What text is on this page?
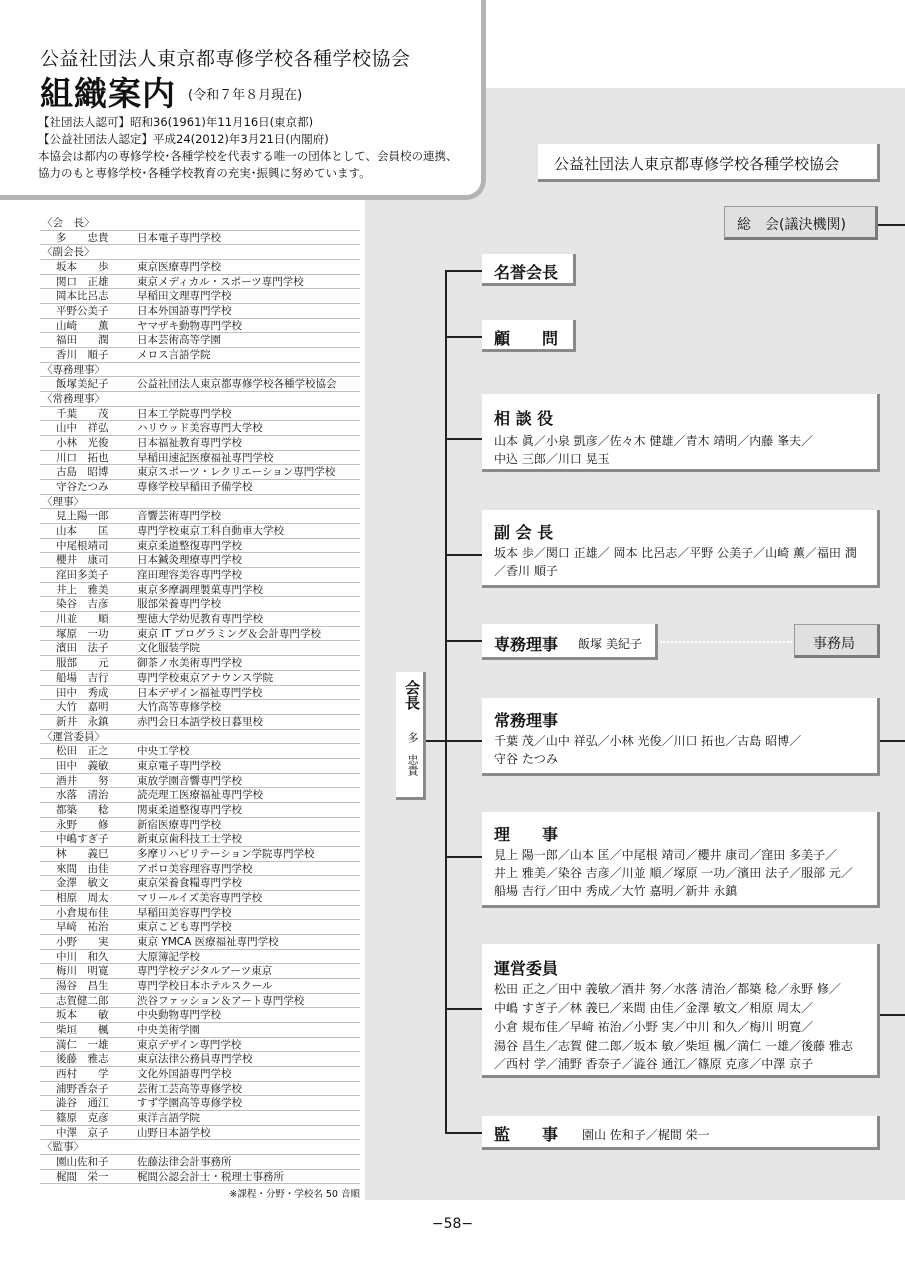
公益社団法人東京都専修学校各種学校協会
組織案内 (令和７年８月現在)
【社団法人認可】昭和36(1961)年11月16日(東京都)
【公益社団法人認定】平成24(2012)年3月21日(内閣府)
本協会は都内の専修学校･各種学校を代表する唯一の団体として、会員校の連携、
協力のもと専修学校･各種学校教育の充実･振興に努めています。
〈会　長〉
多　　忠貴	日本電子専門学校
〈副会長〉
坂本　　歩	東京医療専門学校
関口　正雄	東京メディカル・スポーツ専門学校
岡本比呂志	早稲田文理専門学校
平野公美子	日本外国語専門学校
山崎　　薫	ヤマザキ動物専門学校
福田　　潤	日本芸術高等学園
香川　順子	メロス言語学院
〈専務理事〉
飯塚美紀子	公益社団法人東京都専修学校各種学校協会
〈常務理事〉
千葉　　茂	日本工学院専門学校
山中　祥弘	ハリウッド美容専門大学校
小林　光俊	日本福祉教育専門学校
川口　拓也	早稲田速記医療福祉専門学校
古島　昭博	東京スポーツ・レクリエーション専門学校
守谷たつみ	専修学校早稲田予備学校
〈理事〉
見上陽一郎	音響芸術専門学校
山本　　匡	専門学校東京工科自動車大学校
中尾根靖司	東京柔道整復専門学校
櫻井　康司	日本鍼灸理療専門学校
窪田多美子	窪田理容美容専門学校
井上　雅美	東京多摩調理製菓専門学校
染谷　吉彦	服部栄養専門学校
川並　　順	聖徳大学幼児教育専門学校
塚原　一功	東京 IT プログラミング＆会計専門学校
濱田　法子	文化服装学院
服部　　元	御茶ノ水美術専門学校
船場　吉行	専門学校東京アナウンス学院
田中　秀成	日本デザイン福祉専門学校
大竹　嘉明	大竹高等専修学校
新井　永鎮	赤門会日本語学校日暮里校
〈運営委員〉
松田　正之	中央工学校
田中　義敏	東京電子専門学校
酒井　　努	東放学園音響専門学校
水落　清治	読売理工医療福祉専門学校
都築　　稔	関東柔道整復専門学校
永野　　修	新宿医療専門学校
中嶋すぎ子	新東京歯科技工士学校
林　　義巳	多摩リハビリテーション学院専門学校
來間　由佳	アポロ美容理容専門学校
金澤　敏文	東京栄養食糧専門学校
相原　周太	マリールイズ美容専門学校
小倉規布佳	早稲田美容専門学校
早﨑　祐治	東京こども専門学校
小野　　実	東京 YMCA 医療福祉専門学校
中川　和久	大原簿記学校
梅川　明寛	専門学校デジタルアーツ東京
湯谷　昌生	専門学校日本ホテルスクール
志賀健二郎	渋谷ファッション＆アート専門学校
坂本　　敏	中央動物専門学校
柴垣　　楓	中央美術学園
満仁　一雄	東京デザイン専門学校
後藤　雅志	東京法律公務員専門学校
西村　　学	文化外国語専門学校
浦野香奈子	芸術工芸高等専修学校
澁谷　通江	すず学園高等専修学校
篠原　克彦	東洋言語学院
中澤　京子	山野日本語学校
〈監事〉
園山佐和子	佐藤法律会計事務所
梶間　栄一	梶間公認会計士・税理士事務所
※課程・分野・学校名 50 音順
公益社団法人東京都専修学校各種学校協会
総　会(議決機関)
名誉会長
顧　　問
相 談 役
山本 眞／小泉 凱彦／佐々木 健雄／青木 靖明／内藤 峯夫／
中込 三郎／川口 晃玉
副 会 長
坂本 歩／関口 正雄／ 岡本 比呂志／平野 公美子／山崎 薫／福田 潤
／香川 順子
専務理事 飯塚 美紀子	事務局
会長
多　忠貴
常務理事
千葉 茂／山中 祥弘／小林 光俊／川口 拓也／古島 昭博／
守谷 たつみ
理　　事
見上 陽一郎／山本 匡／中尾根 靖司／櫻井 康司／窪田 多美子／
井上 雅美／染谷 吉彦／川並 順／塚原 一功／濱田 法子／服部 元／
船場 吉行／田中 秀成／大竹 嘉明／新井 永鎮
運営委員
松田 正之／田中 義敏／酒井 努／水落 清治／都築 稔／永野 修／
中嶋 すぎ子／林 義巳／来間 由佳／金澤 敏文／相原 周太／
小倉 規布佳／早﨑 祐治／小野 実／中川 和久／梅川 明寛／
湯谷 昌生／志賀 健二郎／坂本 敏／柴垣 楓／満仁 一雄／後藤 雅志
／西村 学／浦野 香奈子／澁谷 通江／篠原 克彦／中澤 京子
監　　事 園山 佐和子／梶間 栄一
−58−
